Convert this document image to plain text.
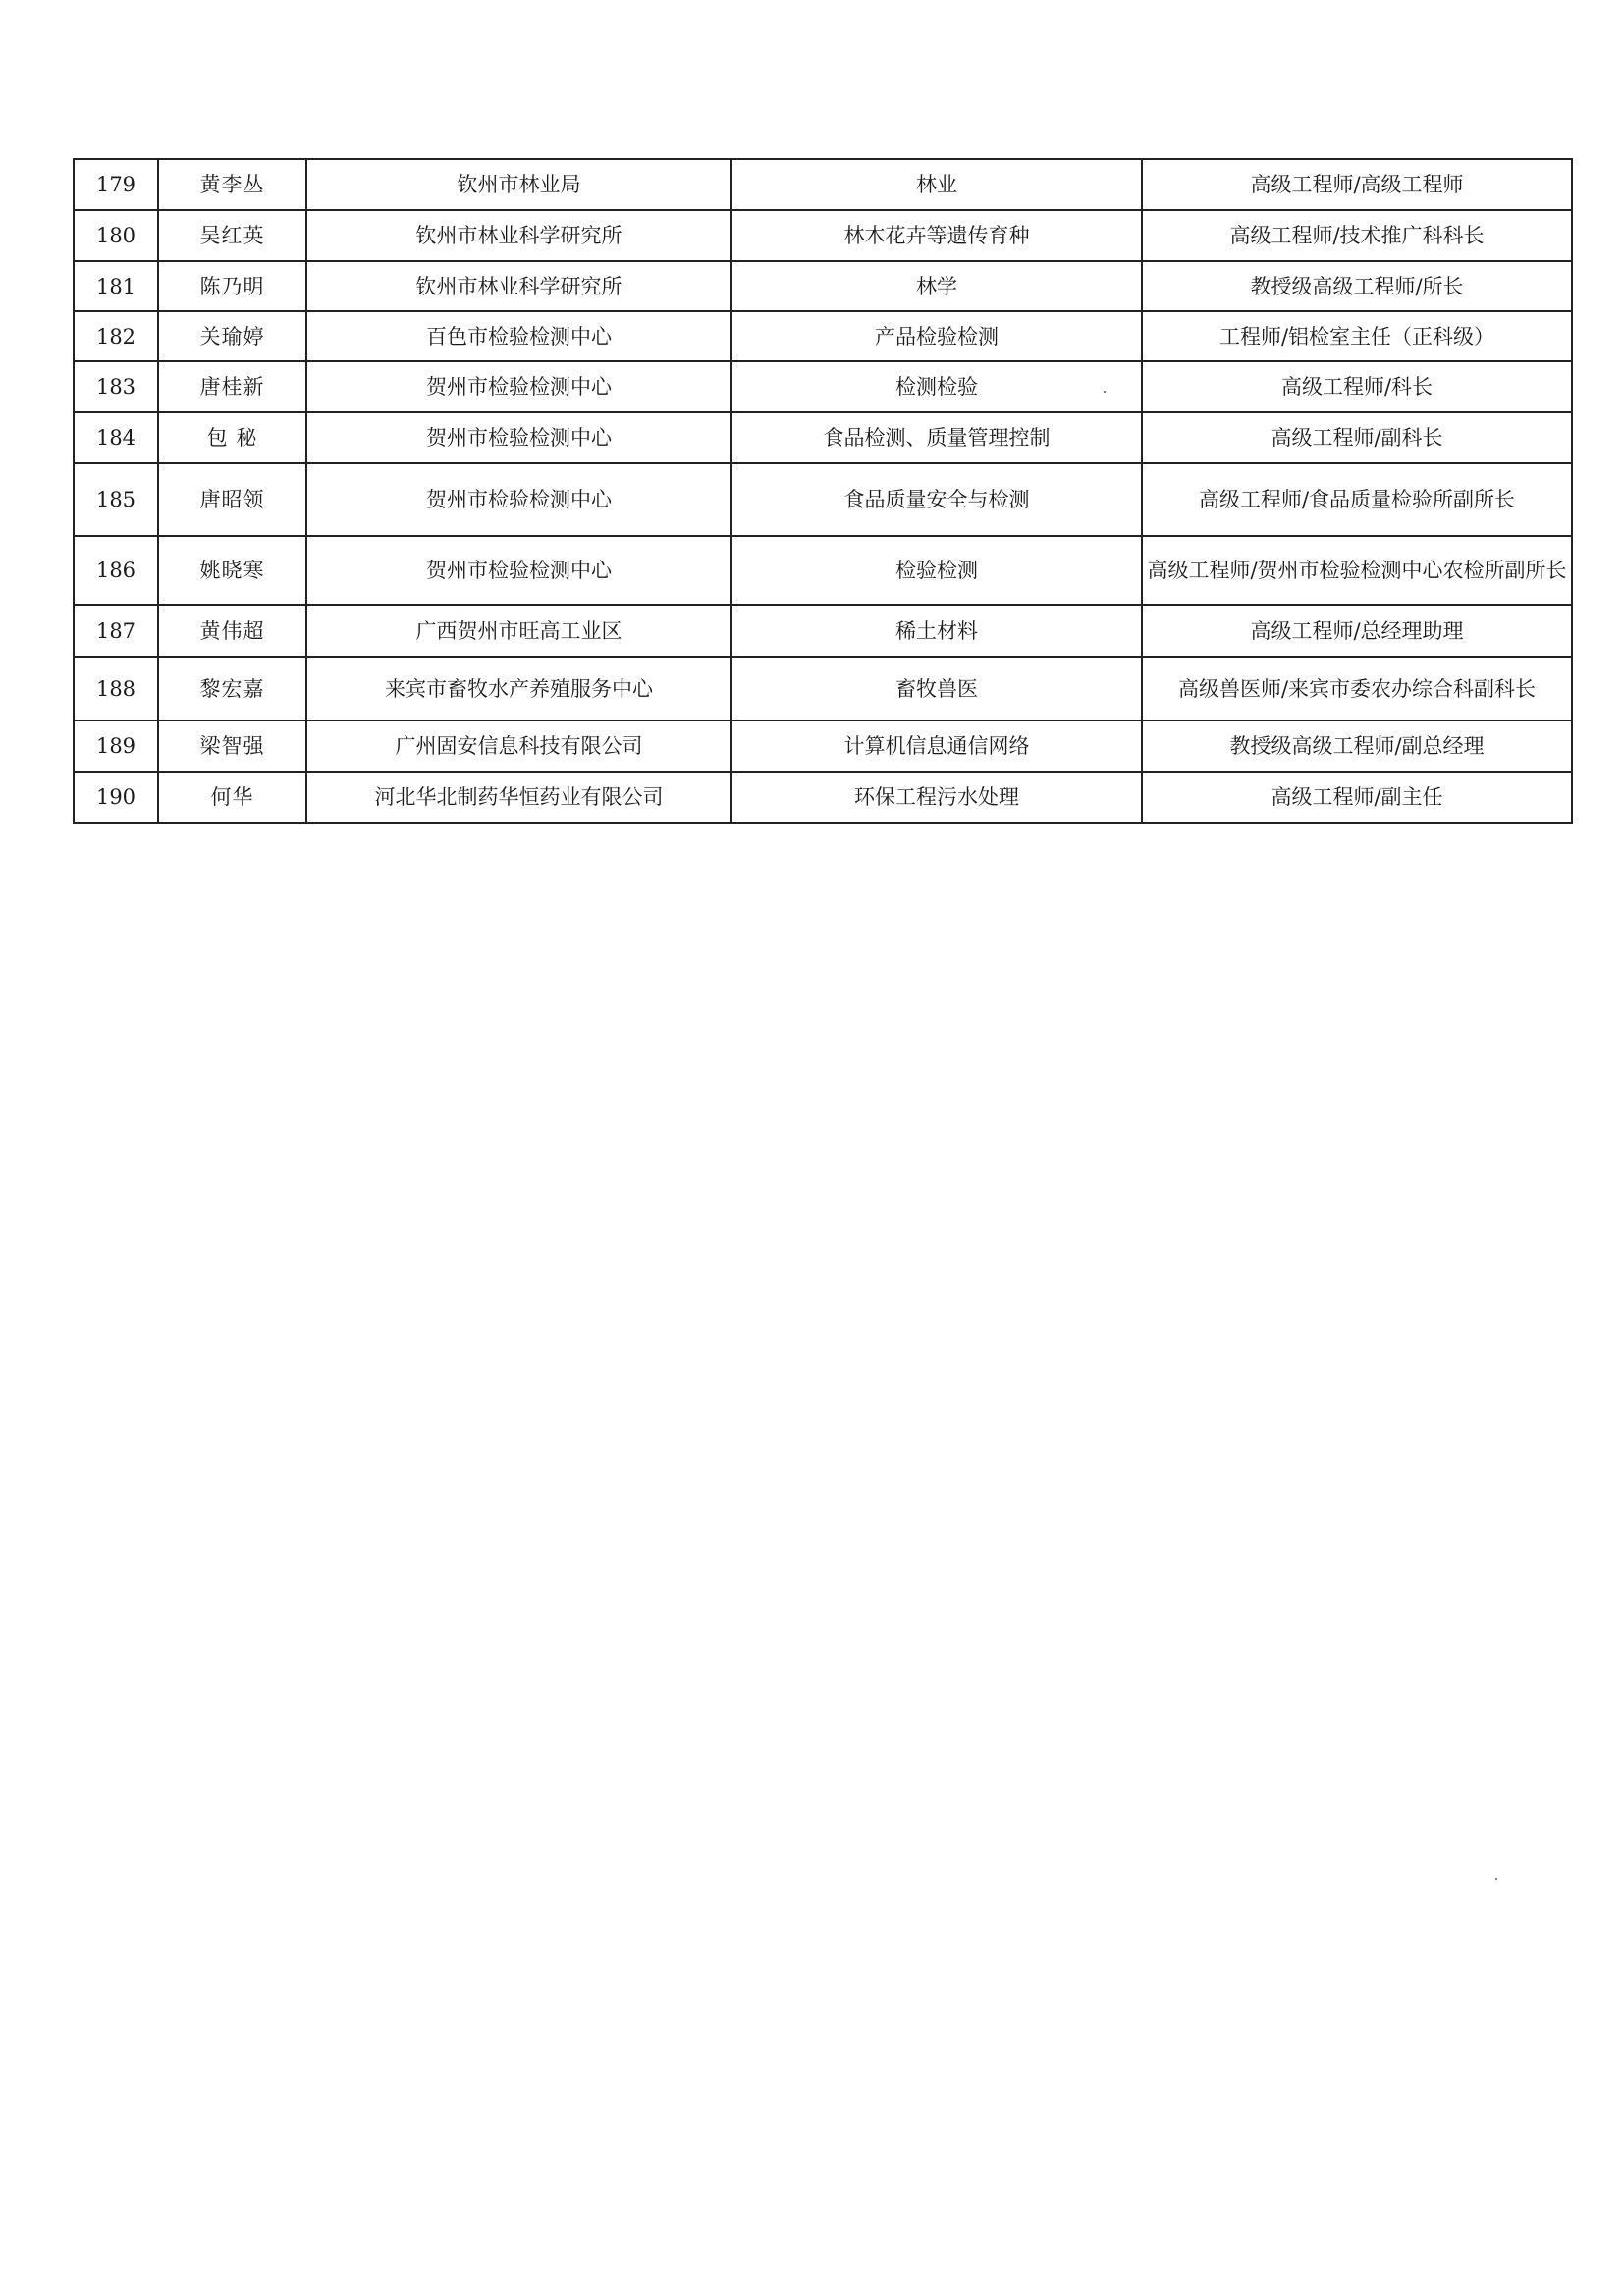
179	黄李丛	钦州市林业局	林业	高级工程师/高级工程师
180	吴红英	钦州市林业科学研究所	林木花卉等遗传育种	高级工程师/技术推广科科长
181	陈乃明	钦州市林业科学研究所	林学	教授级高级工程师/所长
182	关瑜婷	百色市检验检测中心	产品检验检测	工程师/铝检室主任（正科级）
183	唐桂新	贺州市检验检测中心	检测检验	高级工程师/科长
184	包 秘	贺州市检验检测中心	食品检测、质量管理控制	高级工程师/副科长
185	唐昭领	贺州市检验检测中心	食品质量安全与检测	高级工程师/食品质量检验所副所长
186	姚晓寒	贺州市检验检测中心	检验检测	高级工程师/贺州市检验检测中心农检所副所长
187	黄伟超	广西贺州市旺高工业区	稀土材料	高级工程师/总经理助理
188	黎宏嘉	来宾市畜牧水产养殖服务中心	畜牧兽医	高级兽医师/来宾市委农办综合科副科长
189	梁智强	广州固安信息科技有限公司	计算机信息通信网络	教授级高级工程师/副总经理
190	何华	河北华北制药华恒药业有限公司	环保工程污水处理	高级工程师/副主任
